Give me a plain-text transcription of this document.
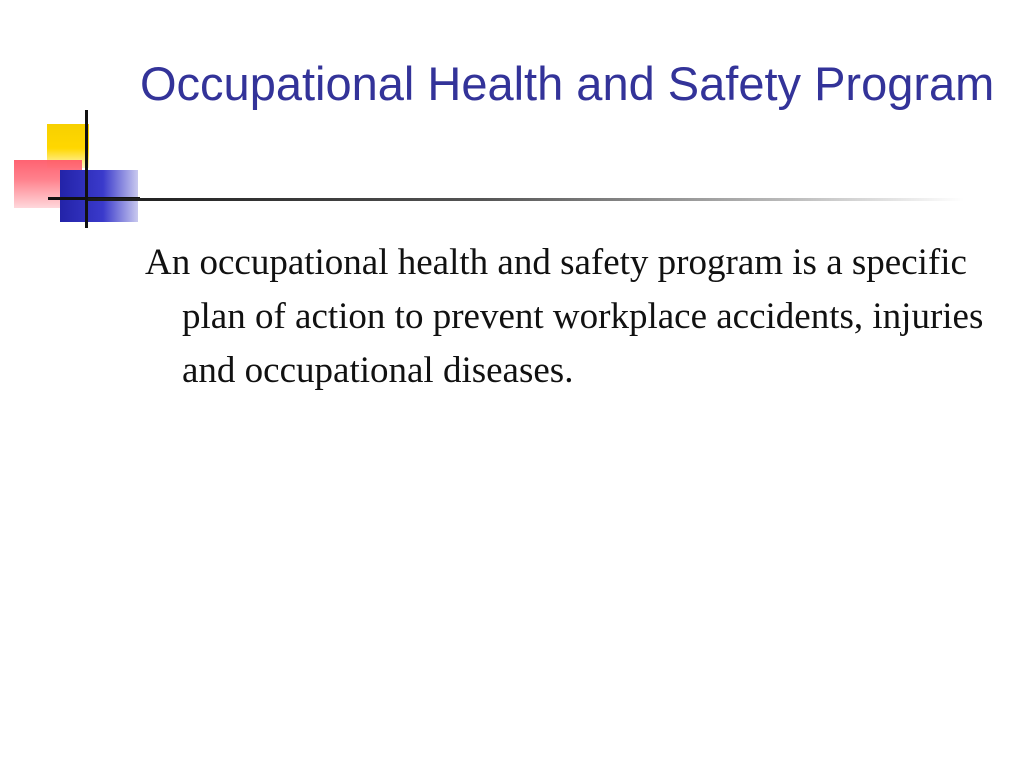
Occupational Health and Safety Program

An occupational health and safety program is a specific plan of action to prevent workplace accidents, injuries and occupational diseases.
